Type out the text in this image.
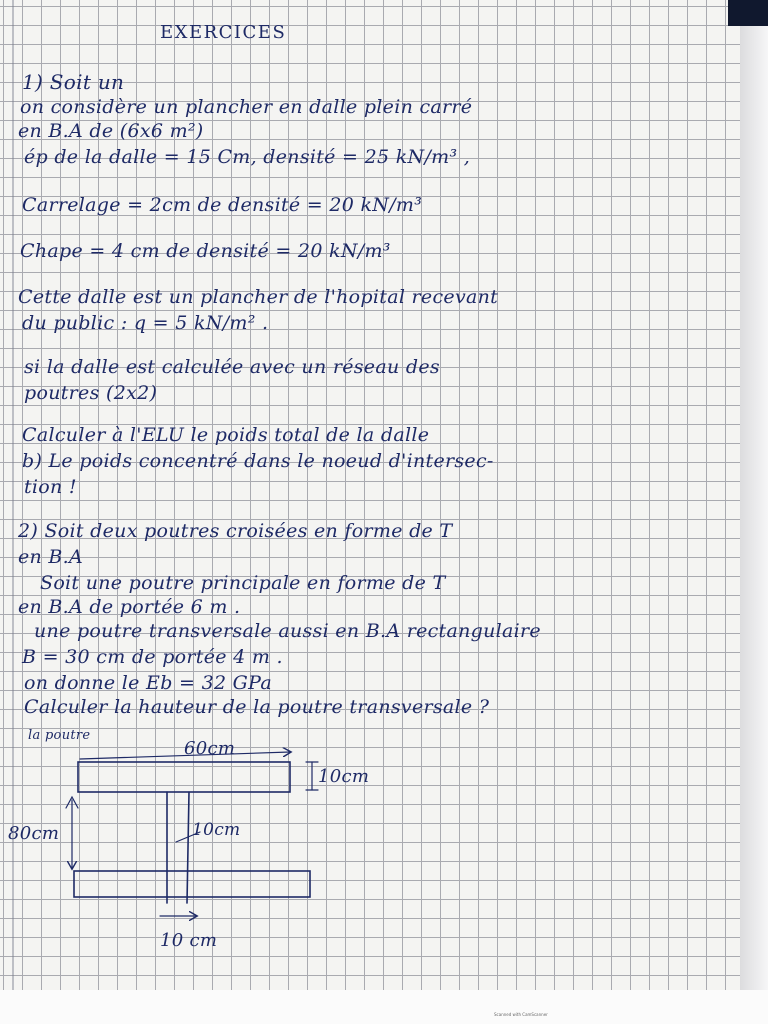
EXERCICES

1) Soit un

on considère un plancher en dalle plein carré

en B.A de (6x6 m²)

ép de la dalle = 15 Cm, densité = 25 kN/m³ ,

Carrelage = 2cm de densité = 20 kN/m³

Chape = 4 cm de densité = 20 kN/m³

Cette dalle est un plancher de l'hopital recevant

du public : q = 5 kN/m² .

si la dalle est calculée avec un réseau des

poutres (2x2)

Calculer à l'ELU le poids total de la dalle

b) Le poids concentré dans le noeud d'intersec-

tion !

2) Soit deux poutres croisées en forme de T

en B.A

Soit une poutre principale en forme de T

en B.A de portée 6 m .

une poutre transversale aussi en B.A rectangulaire

B = 30 cm de portée 4 m .

on donne le Eb = 32 GPa

Calculer la hauteur de la poutre transversale ?

la poutre

60cm

10cm

80cm	10cm

10 cm

Scanned with CamScanner
